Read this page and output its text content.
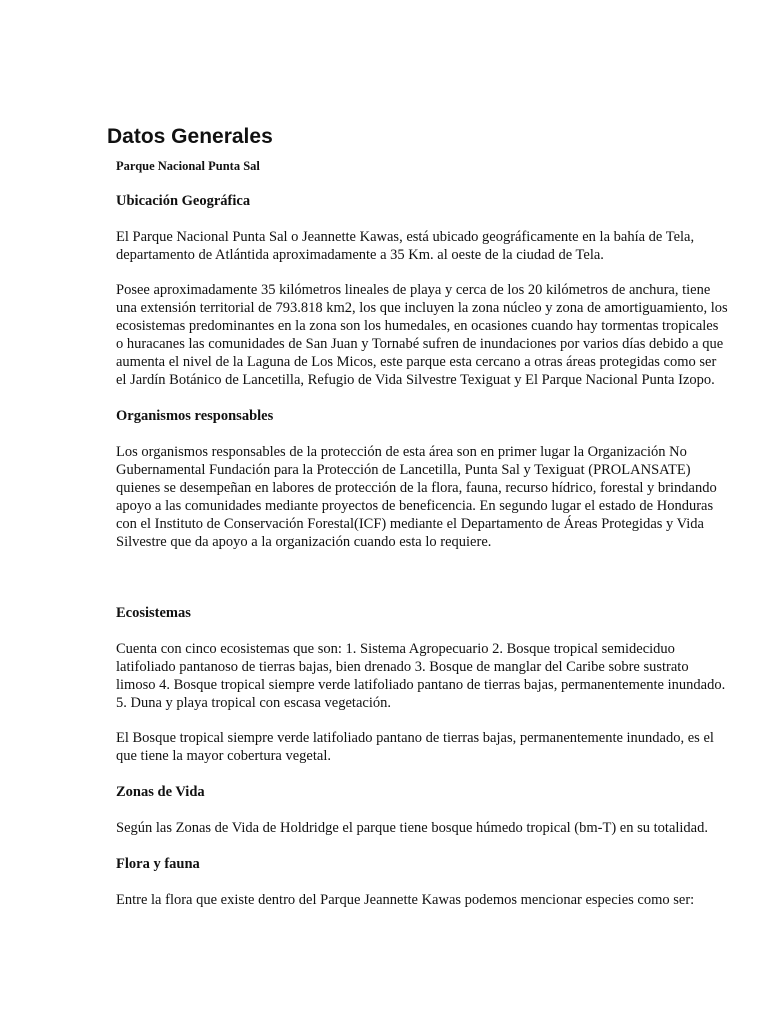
Datos Generales

Parque Nacional Punta Sal

Ubicación Geográfica

El Parque Nacional Punta Sal o Jeannette Kawas, está ubicado geográficamente en la bahía de Tela,
departamento de Atlántida aproximadamente a 35 Km. al oeste de la ciudad de Tela.

Posee aproximadamente 35 kilómetros lineales de playa y cerca de los 20 kilómetros de anchura, tiene
una extensión territorial de 793.818 km2, los que incluyen la zona núcleo y zona de amortiguamiento, los
ecosistemas predominantes en la zona son los humedales, en ocasiones cuando hay tormentas tropicales
o huracanes las comunidades de San Juan y Tornabé sufren de inundaciones por varios días debido a que
aumenta el nivel de la Laguna de Los Micos, este parque esta cercano a otras áreas protegidas como ser
el Jardín Botánico de Lancetilla, Refugio de Vida Silvestre Texiguat y El Parque Nacional Punta Izopo.

Organismos responsables

Los organismos responsables de la protección de esta área son en primer lugar la Organización No
Gubernamental Fundación para la Protección de Lancetilla, Punta Sal y Texiguat (PROLANSATE)
quienes se desempeñan en labores de protección de la flora, fauna, recurso hídrico, forestal y brindando
apoyo a las comunidades mediante proyectos de beneficencia. En segundo lugar el estado de Honduras
con el Instituto de Conservación Forestal(ICF) mediante el Departamento de Áreas Protegidas y Vida
Silvestre que da apoyo a la organización cuando esta lo requiere.

Ecosistemas

Cuenta con cinco ecosistemas que son: 1. Sistema Agropecuario 2. Bosque tropical semideciduo
latifoliado pantanoso de tierras bajas, bien drenado 3. Bosque de manglar del Caribe sobre sustrato
limoso 4. Bosque tropical siempre verde latifoliado pantano de tierras bajas, permanentemente inundado.
5. Duna y playa tropical con escasa vegetación.

El Bosque tropical siempre verde latifoliado pantano de tierras bajas, permanentemente inundado, es el
que tiene la mayor cobertura vegetal.

Zonas de Vida

Según las Zonas de Vida de Holdridge el parque tiene bosque húmedo tropical (bm-T) en su totalidad.

Flora y fauna

Entre la flora que existe dentro del Parque Jeannette Kawas podemos mencionar especies como ser:
